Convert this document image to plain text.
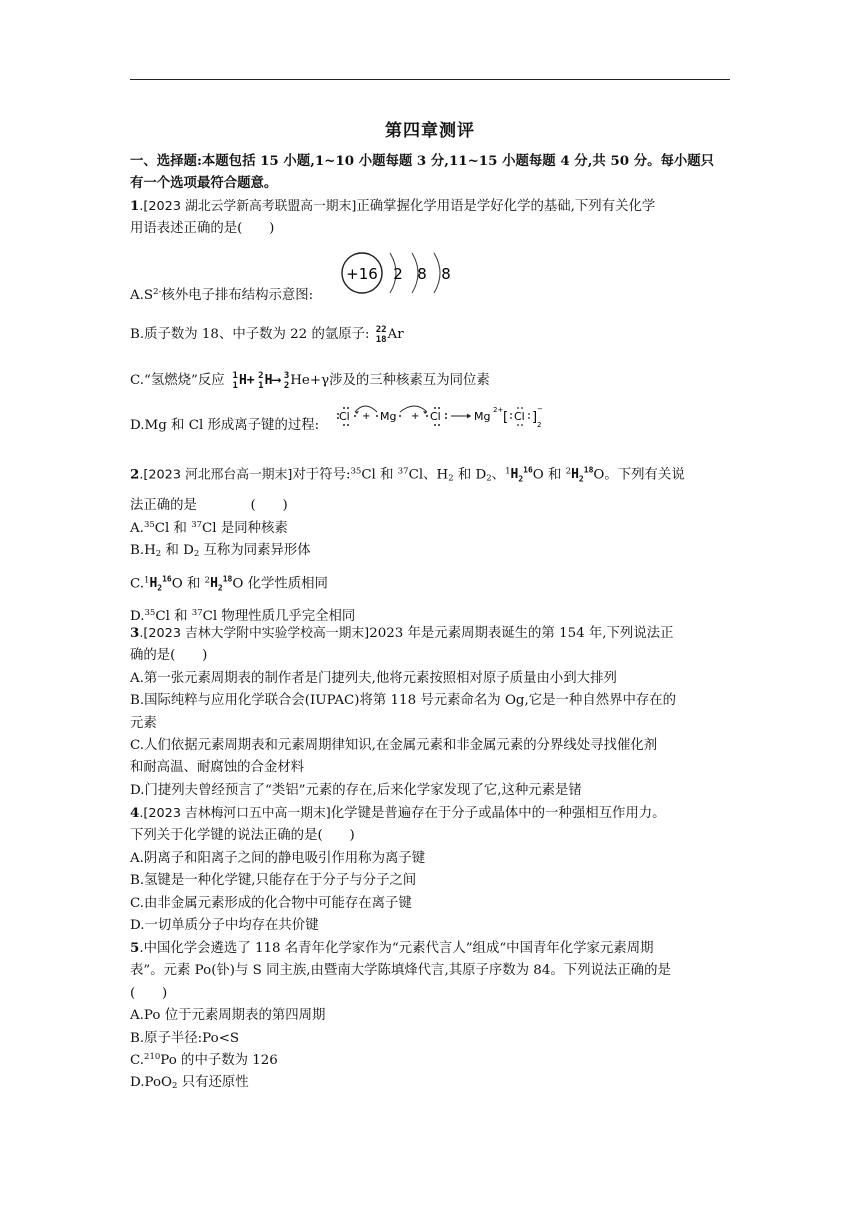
第四章测评
一、选择题:本题包括 15 小题,1~10 小题每题 3 分,11~15 小题每题 4 分,共 50 分。每小题只
有一个选项最符合题意。
1.[2023 湖北云学新高考联盟高一期末]正确掌握化学用语是学好化学的基础,下列有关化学
用语表述正确的是(　　)
$A.S^{2-}$核外电子排布结构示意图:
+16 2 8 8
B.质子数为 18、中子数为 22 的氩原子: 22
18 Ar
C.“氢燃烧”反应 1
1 H+ 2
1 H⟶ 3
2 He+γ涉及的三种核素互为同位素
D.Mg 和 Cl 形成离子键的过程:
Cl + Mg + Cl	Mg 2+ [ Cl ]
−
2
2.[2023 河北邢台高一期末]对于符号:$^{35}$Cl 和 $^{37}$Cl、$H_2$ 和 $D_2$、$^1H_2^{16}O$ 和 $^2H_2^{18}O$。下列有关说
法正确的是　　　　(　　)
A.$^{35}$Cl 和 $^{37}$Cl 是同种核素
$B.H_2$ 和 $D_2$ 互称为同素异形体
$C.^1H_2^{16}O$ 和 $^2H_2^{18}O$ 化学性质相同
D.$^{35}$Cl 和 $^{37}$Cl 物理性质几乎完全相同
3.[2023 吉林大学附中实验学校高一期末]2023 年是元素周期表诞生的第 154 年,下列说法正
确的是(　　)
A.第一张元素周期表的制作者是门捷列夫,他将元素按照相对原子质量由小到大排列
B.国际纯粹与应用化学联合会(IUPAC)将第 118 号元素命名为 Og,它是一种自然界中存在的
元素
C.人们依据元素周期表和元素周期律知识,在金属元素和非金属元素的分界线处寻找催化剂
和耐高温、耐腐蚀的合金材料
D.门捷列夫曾经预言了“类铝”元素的存在,后来化学家发现了它,这种元素是锗
4.[2023 吉林梅河口五中高一期末]化学键是普遍存在于分子或晶体中的一种强相互作用力。
下列关于化学键的说法正确的是(　　)
A.阴离子和阳离子之间的静电吸引作用称为离子键
B.氢键是一种化学键,只能存在于分子与分子之间
C.由非金属元素形成的化合物中可能存在离子键
D.一切单质分子中均存在共价键
5.中国化学会遴选了 118 名青年化学家作为“元素代言人”组成“中国青年化学家元素周期
表”。元素 Po(钋)与 S 同主族,由暨南大学陈填烽代言,其原子序数为 84。下列说法正确的是
(　　)
A.Po 位于元素周期表的第四周期
B.原子半径:Po<S
C.$^{210}$Po 的中子数为 126
D.PoO$_2$ 只有还原性
